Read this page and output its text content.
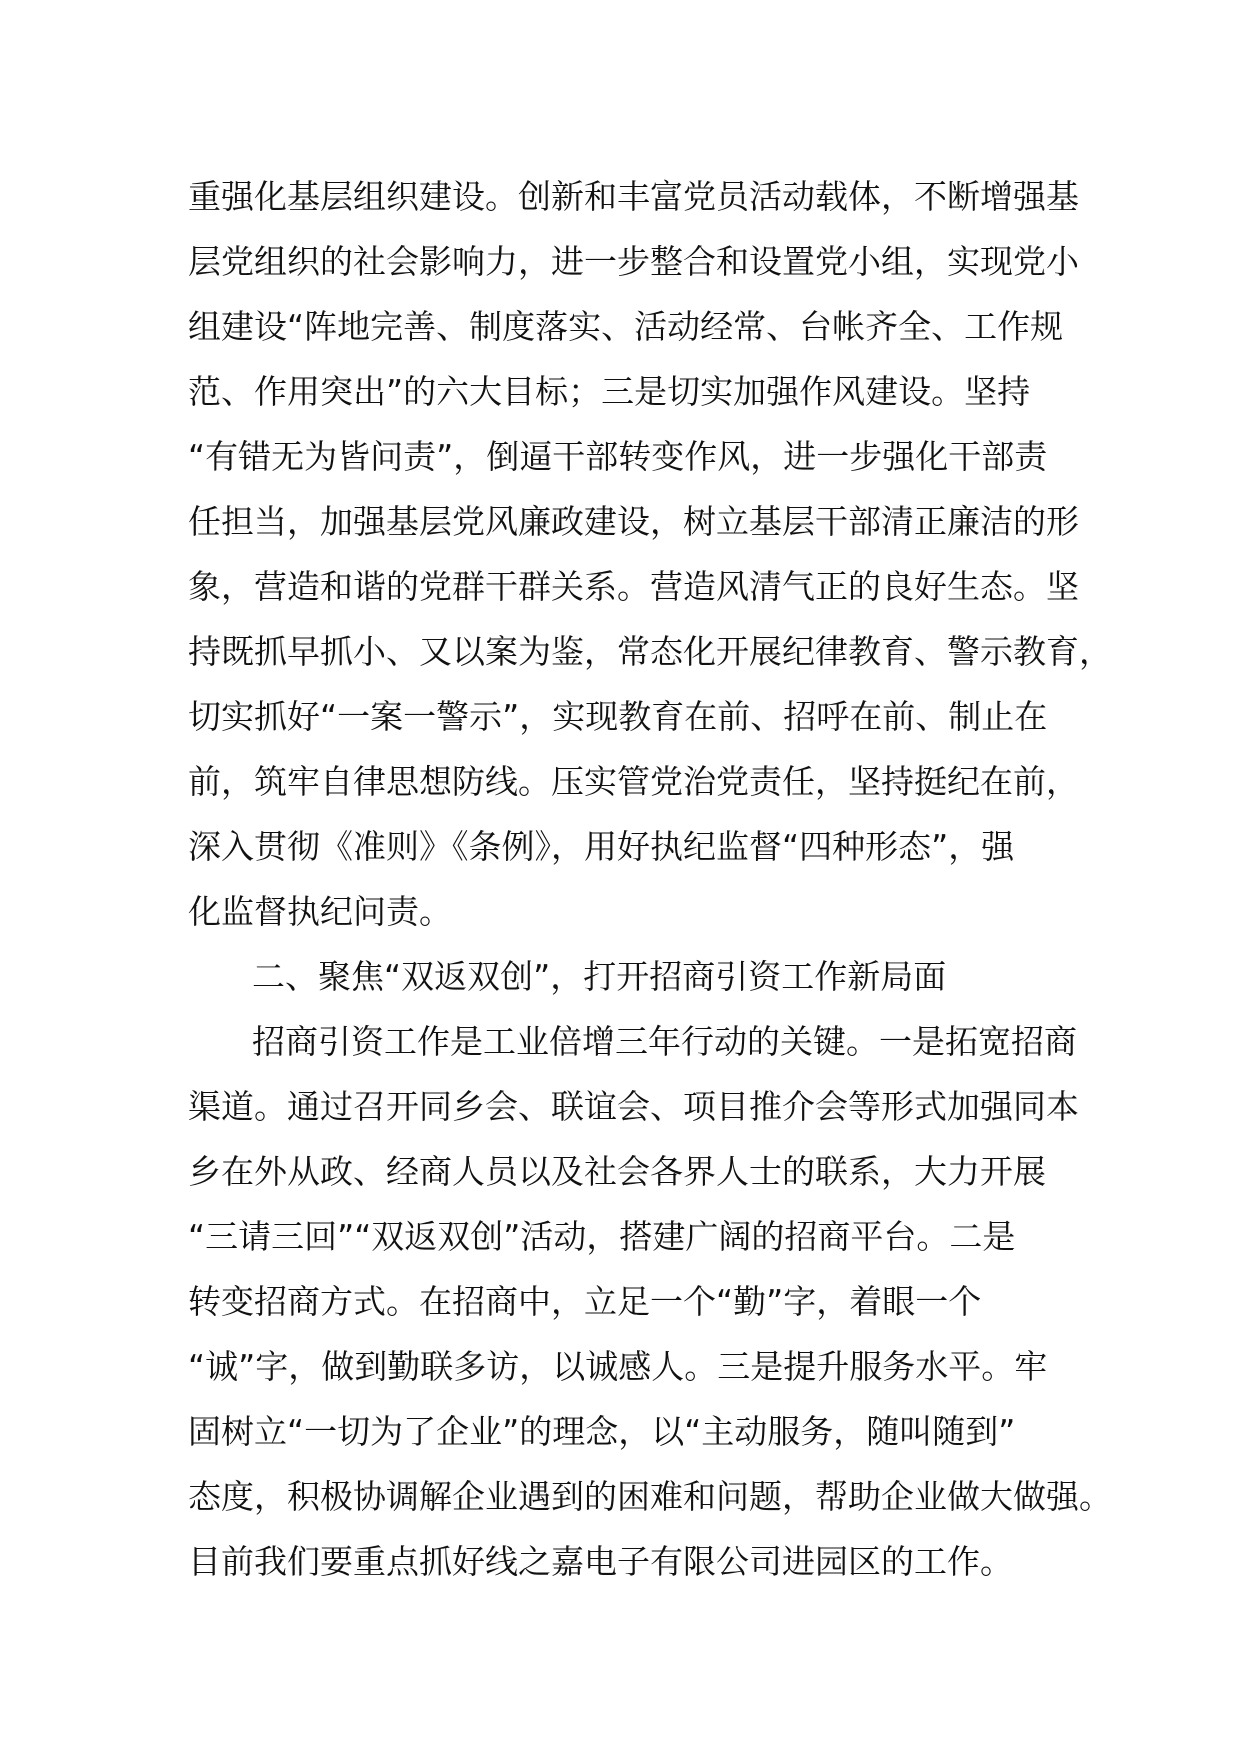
重强化基层组织建设。创新和丰富党员活动载体，不断增强基
层党组织的社会影响力，进一步整合和设置党小组，实现党小
组建设“阵地完善、制度落实、活动经常、台帐齐全、工作规
范、作用突出”的六大目标；三是切实加强作风建设。坚持
“有错无为皆问责”，倒逼干部转变作风，进一步强化干部责
任担当，加强基层党风廉政建设，树立基层干部清正廉洁的形
象，营造和谐的党群干群关系。营造风清气正的良好生态。坚
持既抓早抓小、又以案为鉴，常态化开展纪律教育、警示教育，
切实抓好“一案一警示”，实现教育在前、招呼在前、制止在
前，筑牢自律思想防线。压实管党治党责任，坚持挺纪在前，
深入贯彻《准则》《条例》，用好执纪监督“四种形态”，强
化监督执纪问责。
二、聚焦“双返双创”，打开招商引资工作新局面
招商引资工作是工业倍增三年行动的关键。一是拓宽招商
渠道。通过召开同乡会、联谊会、项目推介会等形式加强同本
乡在外从政、经商人员以及社会各界人士的联系，大力开展
“三请三回”“双返双创”活动，搭建广阔的招商平台。二是
转变招商方式。在招商中，立足一个“勤”字，着眼一个
“诚”字，做到勤联多访，以诚感人。三是提升服务水平。牢
固树立“一切为了企业”的理念，以“主动服务，随叫随到”
态度，积极协调解企业遇到的困难和问题，帮助企业做大做强。
目前我们要重点抓好线之嘉电子有限公司进园区的工作。
